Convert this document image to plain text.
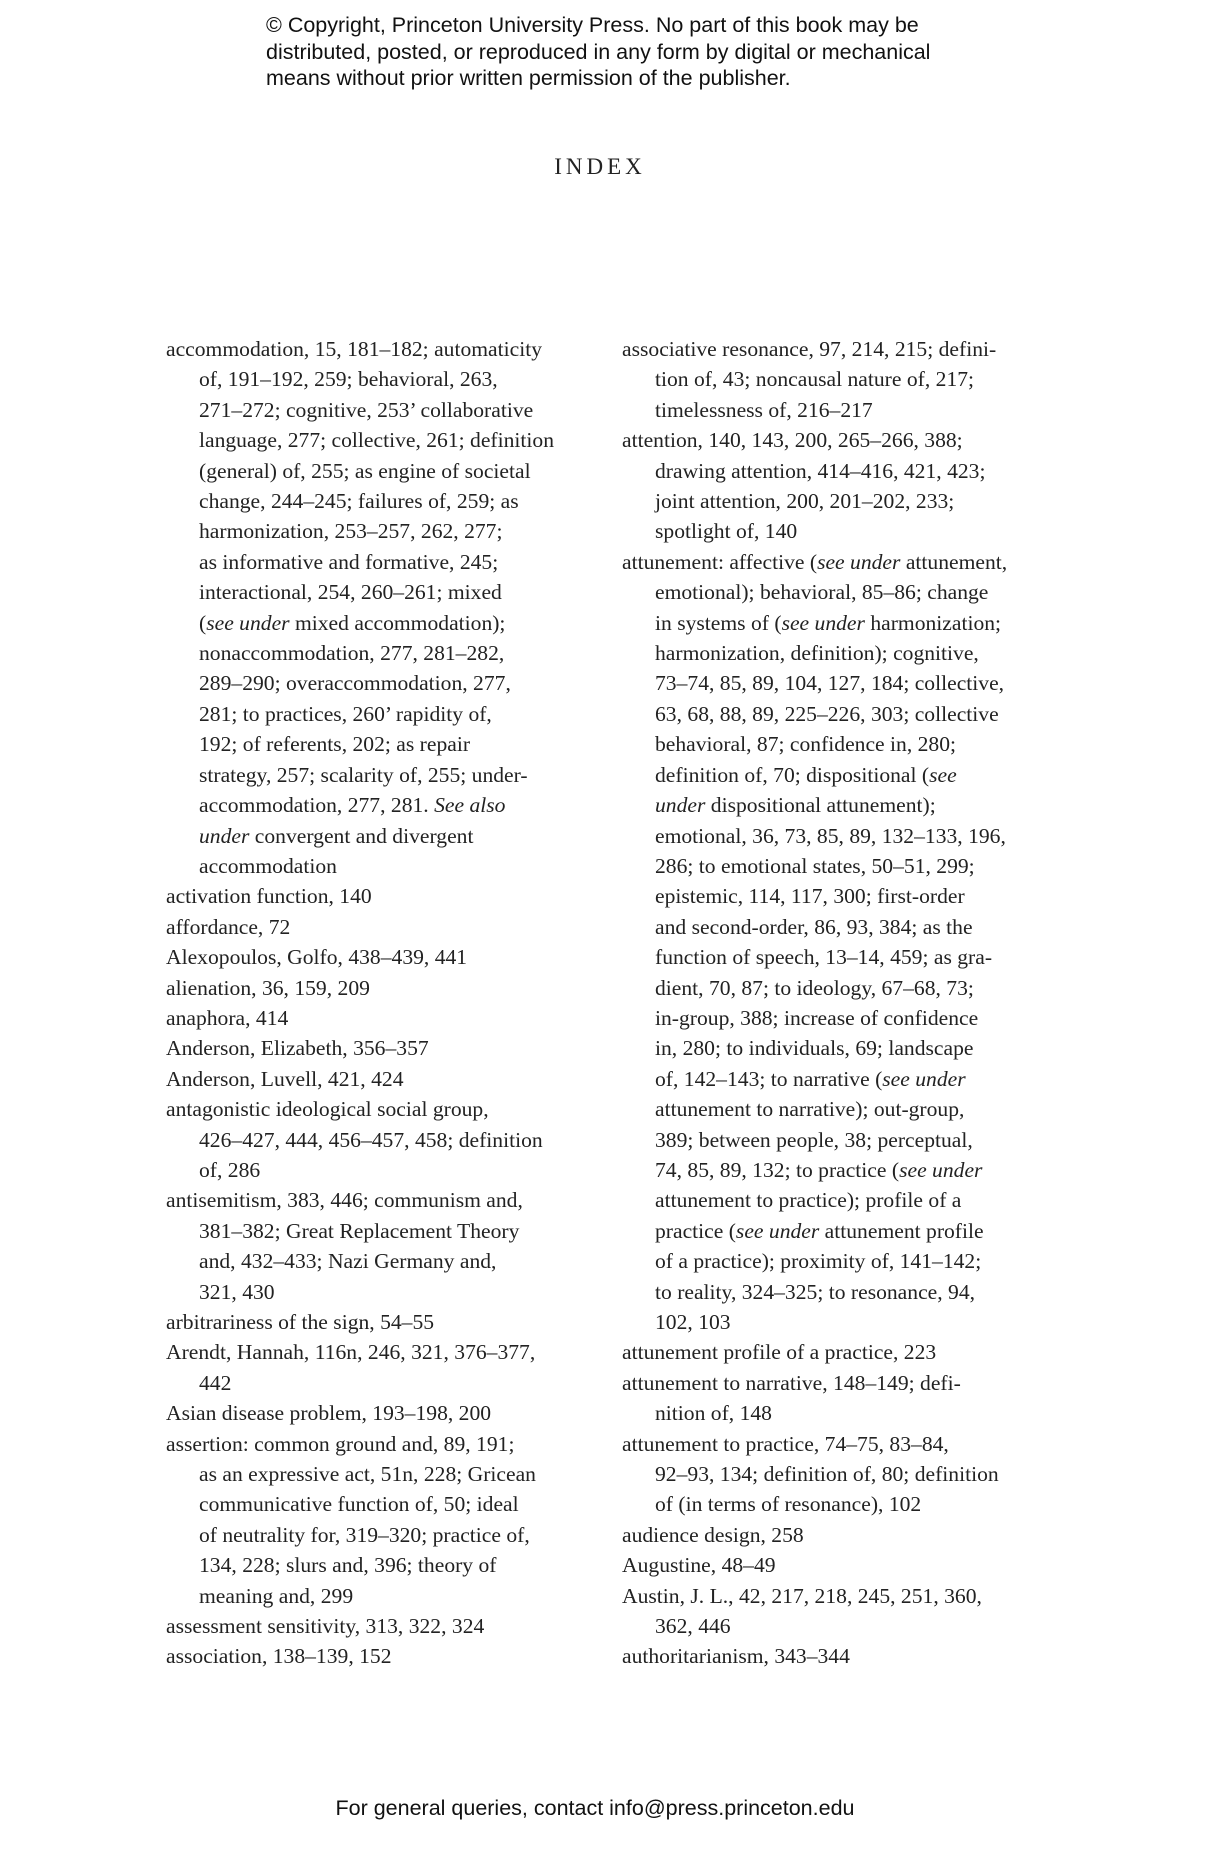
© Copyright, Princeton University Press. No part of this book may be
distributed, posted, or reproduced in any form by digital or mechanical
means without prior written permission of the publisher.
INDEX
accommodation, 15, 181–182; automaticity
of, 191–192, 259; behavioral, 263,
271–272; cognitive, 253’ collaborative
language, 277; collective, 261; definition
(general) of, 255; as engine of societal
change, 244–245; failures of, 259; as
harmonization, 253–257, 262, 277;
as informative and formative, 245;
interactional, 254, 260–261; mixed
(see under mixed accommodation);
nonaccommodation, 277, 281–282,
289–290; overaccommodation, 277,
281; to practices, 260’ rapidity of,
192; of referents, 202; as repair
strategy, 257; scalarity of, 255; under-
accommodation, 277, 281. See also
under convergent and divergent
accommodation
activation function, 140
affordance, 72
Alexopoulos, Golfo, 438–439, 441
alienation, 36, 159, 209
anaphora, 414
Anderson, Elizabeth, 356–357
Anderson, Luvell, 421, 424
antagonistic ideological social group,
426–427, 444, 456–457, 458; definition
of, 286
antisemitism, 383, 446; communism and,
381–382; Great Replacement Theory
and, 432–433; Nazi Germany and,
321, 430
arbitrariness of the sign, 54–55
Arendt, Hannah, 116n, 246, 321, 376–377,
442
Asian disease problem, 193–198, 200
assertion: common ground and, 89, 191;
as an expressive act, 51n, 228; Gricean
communicative function of, 50; ideal
of neutrality for, 319–320; practice of,
134, 228; slurs and, 396; theory of
meaning and, 299
assessment sensitivity, 313, 322, 324
association, 138–139, 152
associative resonance, 97, 214, 215; defini-
tion of, 43; noncausal nature of, 217;
timelessness of, 216–217
attention, 140, 143, 200, 265–266, 388;
drawing attention, 414–416, 421, 423;
joint attention, 200, 201–202, 233;
spotlight of, 140
attunement: affective (see under attunement,
emotional); behavioral, 85–86; change
in systems of (see under harmonization;
harmonization, definition); cognitive,
73–74, 85, 89, 104, 127, 184; collective,
63, 68, 88, 89, 225–226, 303; collective
behavioral, 87; confidence in, 280;
definition of, 70; dispositional (see
under dispositional attunement);
emotional, 36, 73, 85, 89, 132–133, 196,
286; to emotional states, 50–51, 299;
epistemic, 114, 117, 300; first-order
and second-order, 86, 93, 384; as the
function of speech, 13–14, 459; as gra-
dient, 70, 87; to ideology, 67–68, 73;
in-group, 388; increase of confidence
in, 280; to individuals, 69; landscape
of, 142–143; to narrative (see under
attunement to narrative); out-group,
389; between people, 38; perceptual,
74, 85, 89, 132; to practice (see under
attunement to practice); profile of a
practice (see under attunement profile
of a practice); proximity of, 141–142;
to reality, 324–325; to resonance, 94,
102, 103
attunement profile of a practice, 223
attunement to narrative, 148–149; defi-
nition of, 148
attunement to practice, 74–75, 83–84,
92–93, 134; definition of, 80; definition
of (in terms of resonance), 102
audience design, 258
Augustine, 48–49
Austin, J. L., 42, 217, 218, 245, 251, 360,
362, 446
authoritarianism, 343–344
For general queries, contact info@press.princeton.edu
